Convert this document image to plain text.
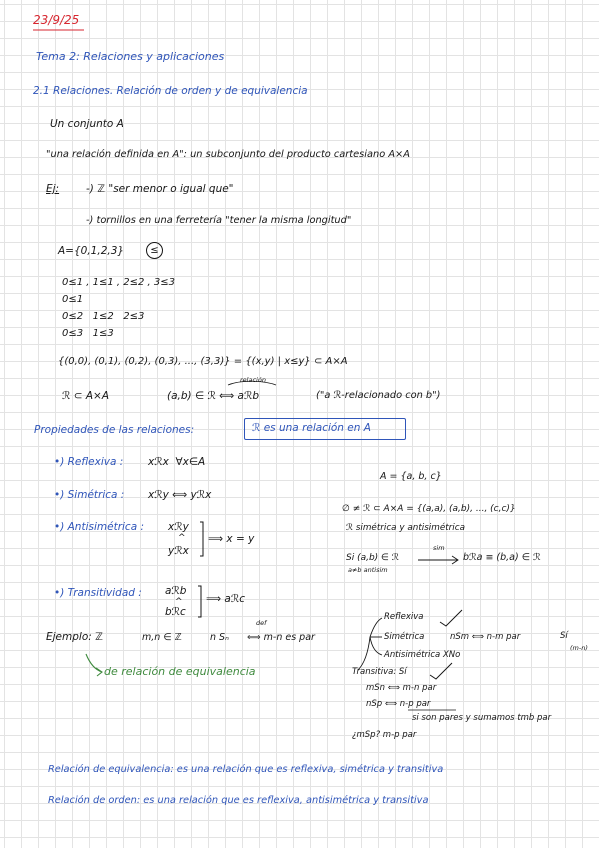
23/9/25
Tema 2: Relaciones y aplicaciones
2.1 Relaciones. Relación de orden y de equivalencia
Un conjunto A
"una relación definida en A": un subconjunto del producto cartesiano A×A
Ej:	-) ℤ "ser menor o igual que"
-) tornillos en una ferretería "tener la misma longitud"
A={0,1,2,3}	≤
0≤1 , 1≤1 , 2≤2 , 3≤3
0≤1
0≤2   1≤2   2≤3
0≤3   1≤3
{(0,0), (0,1), (0,2), (0,3), ..., (3,3)} = {(x,y) | x≤y} ⊂ A×A
ℛ ⊂ A×A	(a,b) ∈ ℛ ⟺ aℛb
relación
("a ℛ-relacionado con b")
Propiedades de las relaciones:	ℛ es una relación en A
•) Reflexiva : xℛx  ∀x∈A
•) Simétrica : xℛy ⟺ yℛx
•) Antisimétrica : xℛy
^
yℛx
⟹ x = y
•) Transitividad : aℛb
^
bℛc
⟹ aℛc
A = {a, b, c}
∅ ≠ ℛ ⊂ A×A = {(a,a), (a,b), ..., (c,c)}
ℛ simétrica y antisimétrica
Si (a,b) ∈ ℛ
sim
a≠b antisim
bℛa ≡ (b,a) ∈ ℛ
Ejemplo: ℤ	m,n ∈ ℤ	n Sₙ
def
⟺ m-n es par
Reflexiva
Simétrica	nSm ⟺ n-m par	Sí
(m-n)
Antisimétrica XNo
Transitiva: Sí
mSn ⟺ m-n par
nSp ⟺ n-p par
si son pares y sumamos tmb par
¿mSp? m-p par
de relación de equivalencia
Relación de equivalencia: es una relación que es reflexiva, simétrica y transitiva
Relación de orden: es una relación que es reflexiva, antisimétrica y transitiva
